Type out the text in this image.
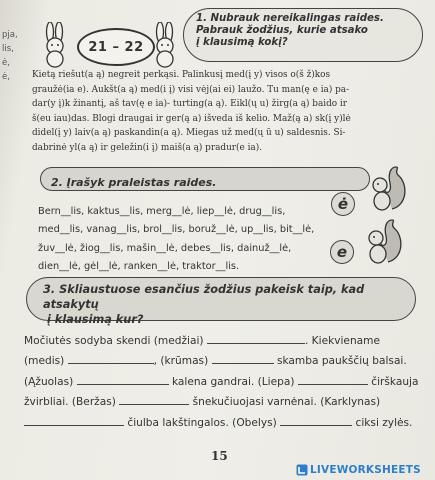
pja,
lis,
ė,
ė,
21 – 22
1. Nubrauk nereikalingas raides.
Pabrauk žodžius, kurie atsako
į klausimą kokį?
Kietą riešut(a ą) negreit perkąsi. Palinkusį med(į y) visos o(š ž)kos
graužė(ia e). Aukšt(a ą) med(i į) visi vėj(ai ei) laužo. Tu man(ę e ia) pa-
dar(y į)k žinantį, aš tav(ę e ia)- turting(a ą). Eikl(ų u) žirg(a ą) baido ir
š(eu iau)das. Blogi draugai ir ger(ą a) išveda iš kelio. Maž(ą a) sk(į y)lė
didel(į y) laiv(a ą) paskandin(a ą). Miegas už med(ų ū u) saldesnis. Si-
dabrinė yl(a ą) ir geležin(i į) maiš(a ą) pradur(e ia).
2. Įrašyk praleistas raides.
ė
Bern__lis, kaktus__lis, merg__lė, liep__lė, drug__lis,
med__lis, vanag__lis, brol__lis, boruž__lė, up__lis, bit__lė,
žuv__lė, žiog__lis, mašin__lė, debes__lis, dainuž__lė,
dien__lė, gėl__lė, ranken__lė, traktor__lis.
e
3. Skliaustuose esančius žodžius pakeisk taip, kad atsakytų
į klausimą kur?
Močiutės sodyba skendi (medžiai)	. Kiekviename
(medis)	, (krūmas)	skamba paukščių balsai.
(Ąžuolas)	kalena gandrai. (Liepa)	čirškauja
žvirbliai. (Beržas)	šnekučiuojasi varnėnai. (Karklynas)
čiulba lakštingalos. (Obelys)	ciksi zylės.
15
LIVEWORKSHEETS
